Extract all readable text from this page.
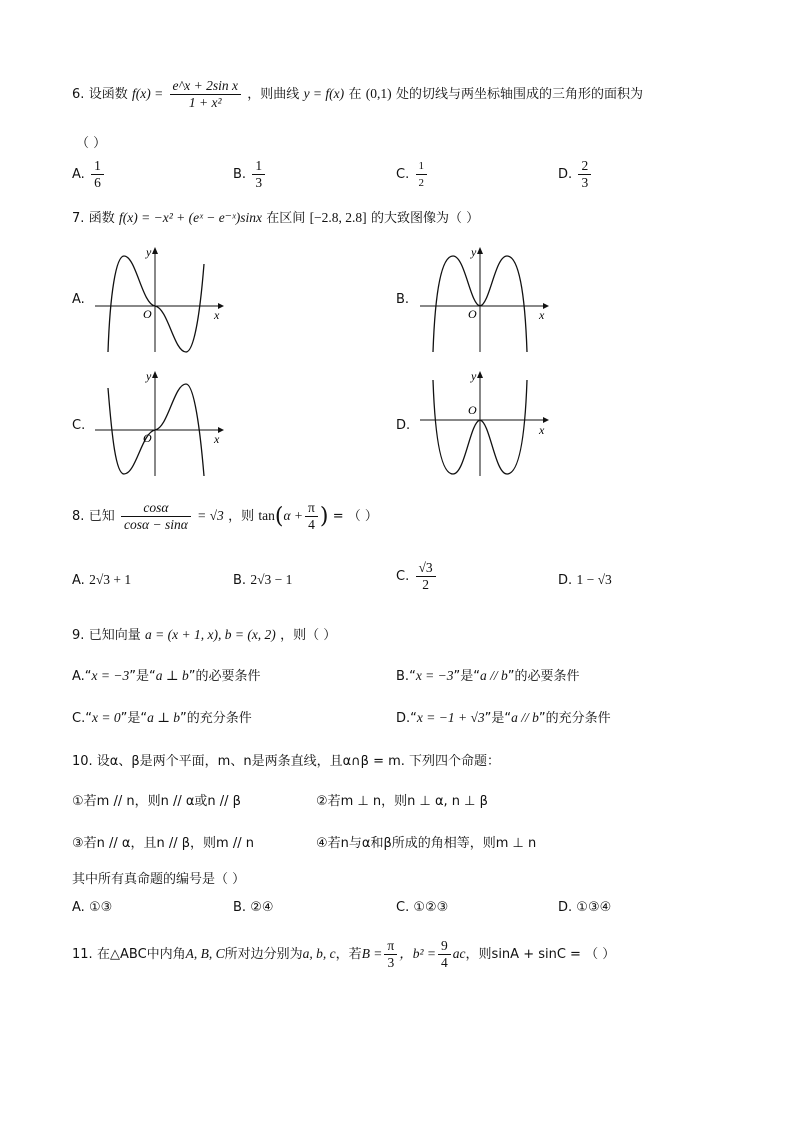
6. 设函数 $f(x) = \frac{\text{e\textasciicircum{}x + 2sin x}}{\text{1 + x²}}$ ，则曲线 y = f(x) 在 (0,1) 处的切线与两坐标轴围成的三角形的面积为
（ ）
A. $\frac{1}{6}$	B. $\frac{1}{3}$	C. $\frac{1}{2}$	D. $\frac{2}{3}$
7. 函数 f(x) = −x² + (eˣ − e⁻ˣ)sinx 在区间 [−2.8, 2.8] 的大致图像为（ ）
A.	B.
C.	D.
x
y
O	x
y
O
x
y
O
x
y
O
8. 已知 $\frac{\cos\alpha}{\cos\alpha - \sin\alpha} = √3$ ，则 $\tan(\alpha + \frac{\pi}{4}$ ) = （ ）
A. 2√3 + 1	B. 2√3 − 1	C. $\frac{√3}{2}$	D. 1 − √3
9. 已知向量 a = (x + 1, x), b = (x, 2) ，则（ ）
A.“x = −3”是“a ⊥ b”的必要条件	B.“x = −3”是“a // b”的必要条件
C.“x = 0”是“a ⊥ b”的充分条件	D.“x = −1 + √3”是“a // b”的充分条件
10. 设α、β是两个平面，m、n是两条直线，且α∩β = m. 下列四个命题：
①若m // n，则n // α或n // β	②若m ⊥ n，则n ⊥ α, n ⊥ β
③若n // α，且n // β，则m // n	④若n与α和β所成的角相等，则m ⊥ n
其中所有真命题的编号是（ ）
A. ①③	B. ②④	C. ①②③	D. ①③④
11. 在△ABC中内角A, B, C所对边分别为a, b, c，若$B = \frac{\pi}{3}$ ，$b^2 = \frac{9}{4}$ ac，则sinA + sinC = （ ）
